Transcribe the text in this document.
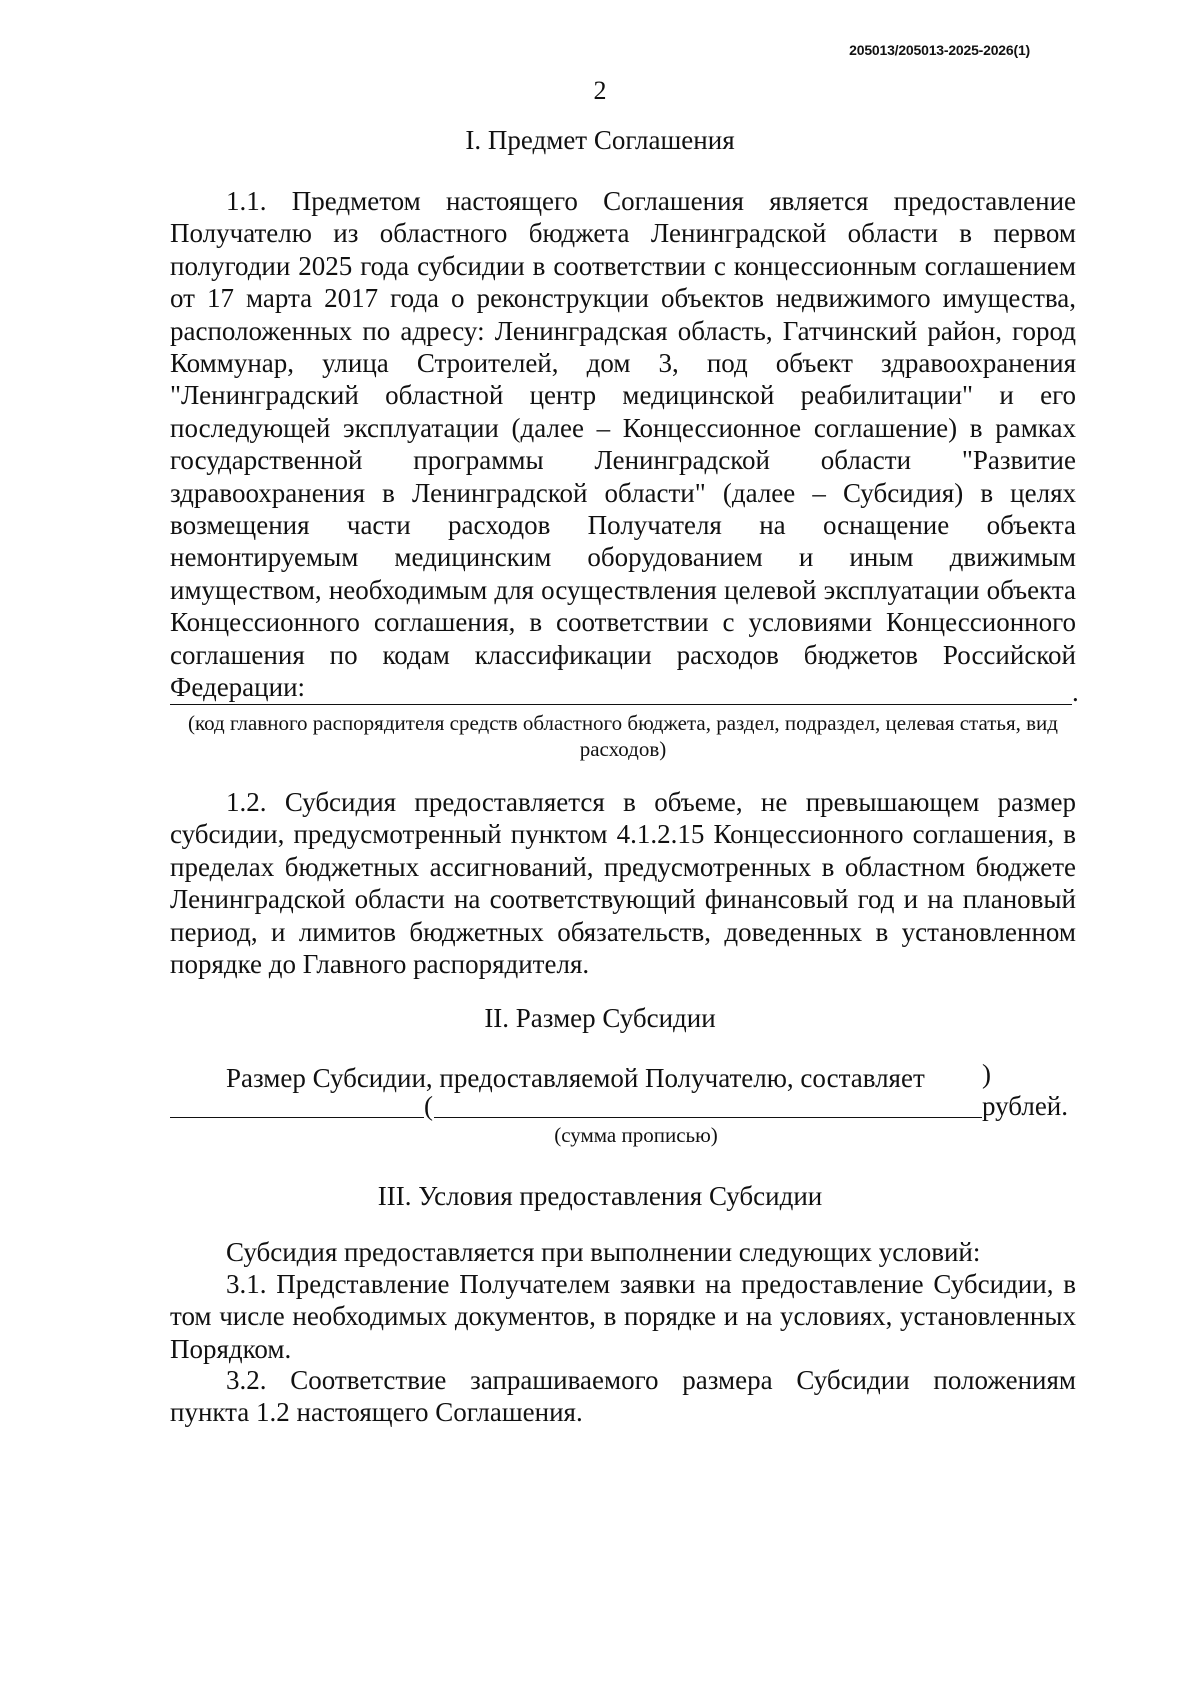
205013/205013-2025-2026(1)
2
I. Предмет Соглашения

1.1. Предметом настоящего Соглашения является предоставление Получателю из областного бюджета Ленинградской области в первом полугодии 2025 года субсидии в соответствии с концессионным соглашением от 17 марта 2017 года о реконструкции объектов недвижимого имущества, расположенных по адресу: Ленинградская область, Гатчинский район, город Коммунар, улица Строителей, дом 3, под объект здравоохранения "Ленинградский областной центр медицинской реабилитации" и его последующей эксплуатации (далее – Концессионное соглашение) в рамках государственной программы Ленинградской области "Развитие здравоохранения в Ленинградской области" (далее – Субсидия) в целях возмещения части расходов Получателя на оснащение объекта немонтируемым медицинским оборудованием и иным движимым имуществом, необходимым для осуществления целевой эксплуатации объекта Концессионного соглашения, в соответствии с условиями Концессионного соглашения по кодам классификации расходов бюджетов Российской Федерации:	.
(код главного распорядителя средств областного бюджета, раздел, подраздел, целевая статья, вид расходов)

1.2. Субсидия предоставляется в объеме, не превышающем размер субсидии, предусмотренный пунктом 4.1.2.15 Концессионного соглашения, в пределах бюджетных ассигнований, предусмотренных в областном бюджете Ленинградской области на соответствующий финансовый год и на плановый период, и лимитов бюджетных обязательств, доведенных в установленном порядке до Главного распорядителя.

II. Размер Субсидии

Размер Субсидии, предоставляемой Получателю, составляет

(
) рублей.
(сумма прописью)
III. Условия предоставления Субсидии

Субсидия предоставляется при выполнении следующих условий:

3.1. Представление Получателем заявки на предоставление Субсидии, в том числе необходимых документов, в порядке и на условиях, установленных Порядком.

3.2. Соответствие запрашиваемого размера Субсидии положениям пункта 1.2 настоящего Соглашения.
